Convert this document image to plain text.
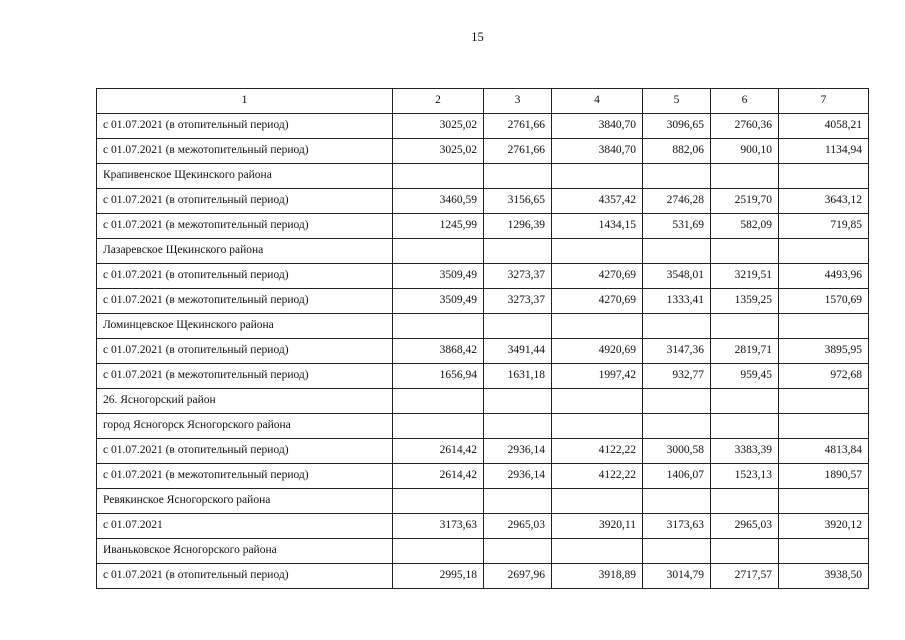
15
1	2	3	4	5	6	7
с 01.07.2021 (в отопительный период)	3025,02	2761,66	3840,70	3096,65	2760,36	4058,21
с 01.07.2021 (в межотопительный период)	3025,02	2761,66	3840,70	882,06	900,10	1134,94
Крапивенское Щекинского района						
с 01.07.2021 (в отопительный период)	3460,59	3156,65	4357,42	2746,28	2519,70	3643,12
с 01.07.2021 (в межотопительный период)	1245,99	1296,39	1434,15	531,69	582,09	719,85
Лазаревское Щекинского района						
с 01.07.2021 (в отопительный период)	3509,49	3273,37	4270,69	3548,01	3219,51	4493,96
с 01.07.2021 (в межотопительный период)	3509,49	3273,37	4270,69	1333,41	1359,25	1570,69
Ломинцевское Щекинского района						
с 01.07.2021 (в отопительный период)	3868,42	3491,44	4920,69	3147,36	2819,71	3895,95
с 01.07.2021 (в межотопительный период)	1656,94	1631,18	1997,42	932,77	959,45	972,68
26. Ясногорский район						
город Ясногорск Ясногорского района						
с 01.07.2021 (в отопительный период)	2614,42	2936,14	4122,22	3000,58	3383,39	4813,84
с 01.07.2021 (в межотопительный период)	2614,42	2936,14	4122,22	1406,07	1523,13	1890,57
Ревякинское Ясногорского района						
с 01.07.2021	3173,63	2965,03	3920,11	3173,63	2965,03	3920,12
Иваньковское Ясногорского района						
с 01.07.2021 (в отопительный период)	2995,18	2697,96	3918,89	3014,79	2717,57	3938,50
